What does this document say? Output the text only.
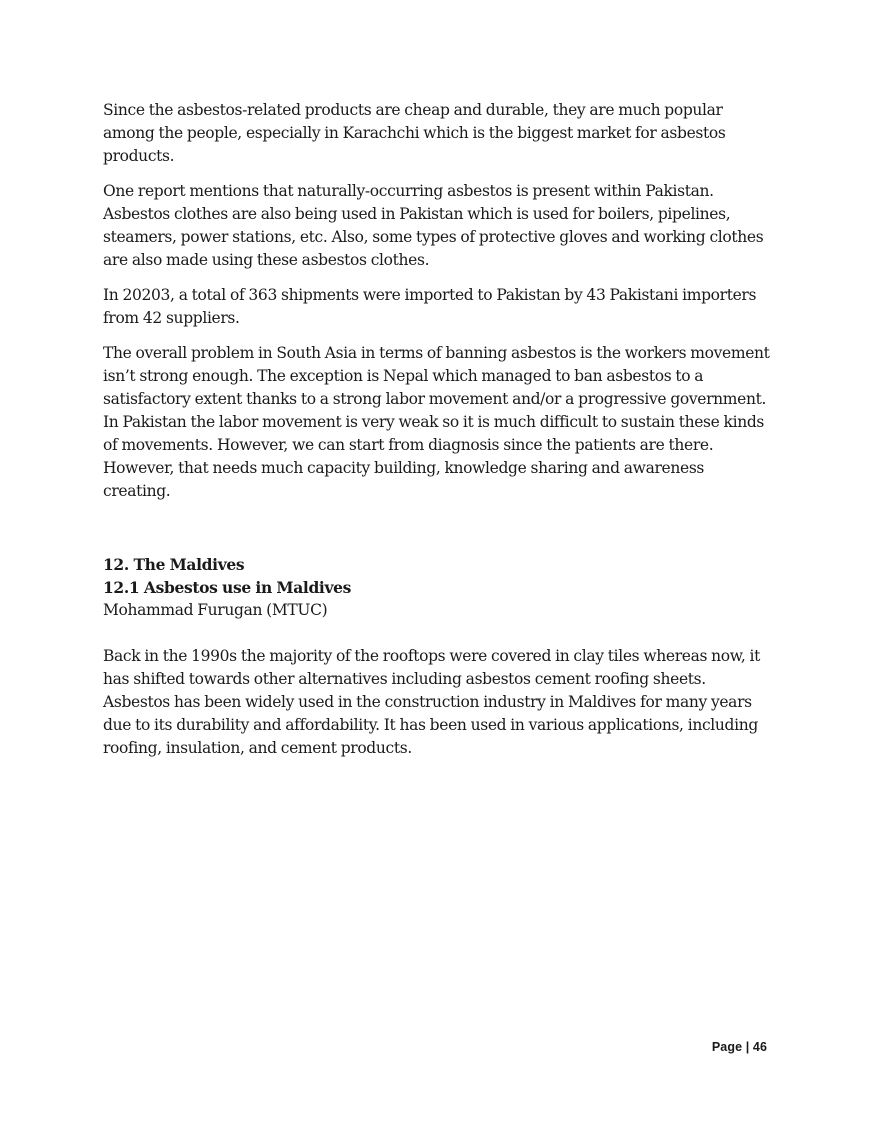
Since the asbestos-related products are cheap and durable, they are much popular among the people, especially in Karachchi which is the biggest market for asbestos products.

One report mentions that naturally-occurring asbestos is present within Pakistan. Asbestos clothes are also being used in Pakistan which is used for boilers, pipelines, steamers, power stations, etc. Also, some types of protective gloves and working clothes are also made using these asbestos clothes.

In 20203, a total of 363 shipments were imported to Pakistan by 43 Pakistani importers from 42 suppliers.

The overall problem in South Asia in terms of banning asbestos is the workers movement isn’t strong enough. The exception is Nepal which managed to ban asbestos to a satisfactory extent thanks to a strong labor movement and/or a progressive government. In Pakistan the labor movement is very weak so it is much difficult to sustain these kinds of movements. However, we can start from diagnosis since the patients are there. However, that needs much capacity building, knowledge sharing and awareness creating.

12. The Maldives

12.1 Asbestos use in Maldives

Mohammad Furugan (MTUC)

Back in the 1990s the majority of the rooftops were covered in clay tiles whereas now, it has shifted towards other alternatives including asbestos cement roofing sheets. Asbestos has been widely used in the construction industry in Maldives for many years due to its durability and affordability. It has been used in various applications, including roofing, insulation, and cement products.

Page | 46
